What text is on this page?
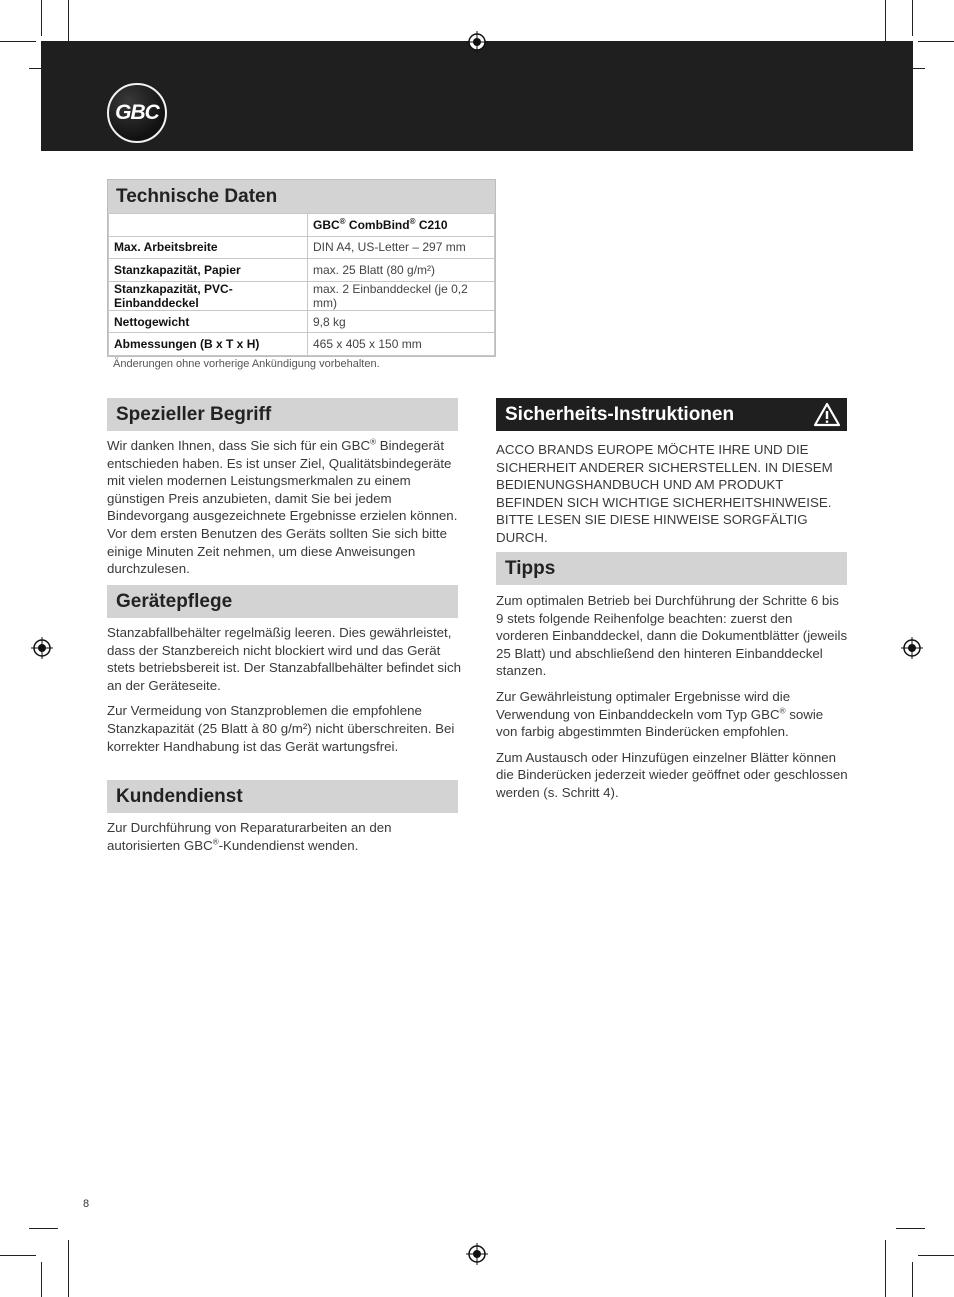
GBC
Technische Daten
	GBC® CombBind® C210
Max. Arbeitsbreite	DIN A4, US-Letter – 297 mm
Stanzkapazität, Papier	max. 25 Blatt (80 g/m²)
Stanzkapazität, PVC-Einbanddeckel	max. 2 Einbanddeckel (je 0,2 mm)
Nettogewicht	9,8 kg
Abmessungen (B x T x H)	465 x 405 x 150 mm
Änderungen ohne vorherige Ankündigung vorbehalten.
Spezieller Begriff

Wir danken Ihnen, dass Sie sich für ein GBC® Bindegerät entschieden haben. Es ist unser Ziel, Qualitätsbindegeräte mit vielen modernen Leistungsmerkmalen zu einem günstigen Preis anzubieten, damit Sie bei jedem Bindevorgang ausgezeichnete Ergebnisse erzielen können. Vor dem ersten Benutzen des Geräts sollten Sie sich bitte einige Minuten Zeit nehmen, um diese Anweisungen durchzulesen.

Gerätepflege

Stanzabfallbehälter regelmäßig leeren. Dies gewährleistet, dass der Stanzbereich nicht blockiert wird und das Gerät stets betriebsbereit ist. Der Stanzabfallbehälter befindet sich an der Geräteseite.

Zur Vermeidung von Stanzproblemen die empfohlene Stanzkapazität (25 Blatt à 80 g/m²) nicht überschreiten. Bei korrekter Handhabung ist das Gerät wartungsfrei.

Kundendienst

Zur Durchführung von Reparaturarbeiten an den autorisierten GBC®-Kundendienst wenden.

Sicherheits-Instruktionen

ACCO BRANDS EUROPE MÖCHTE IHRE UND DIE SICHERHEIT ANDERER SICHERSTELLEN. IN DIESEM BEDIENUNGSHANDBUCH UND AM PRODUKT BEFINDEN SICH WICHTIGE SICHERHEITSHINWEISE. BITTE LESEN SIE DIESE HINWEISE SORGFÄLTIG DURCH.

Tipps

Zum optimalen Betrieb bei Durchführung der Schritte 6 bis 9 stets folgende Reihenfolge beachten: zuerst den vorderen Einbanddeckel, dann die Dokumentblätter (jeweils 25 Blatt) und abschließend den hinteren Einbanddeckel stanzen.

Zur Gewährleistung optimaler Ergebnisse wird die Verwendung von Einbanddeckeln vom Typ GBC® sowie von farbig abgestimmten Binderücken empfohlen.

Zum Austausch oder Hinzufügen einzelner Blätter können die Binderücken jederzeit wieder geöffnet oder geschlossen werden (s. Schritt 4).

8
